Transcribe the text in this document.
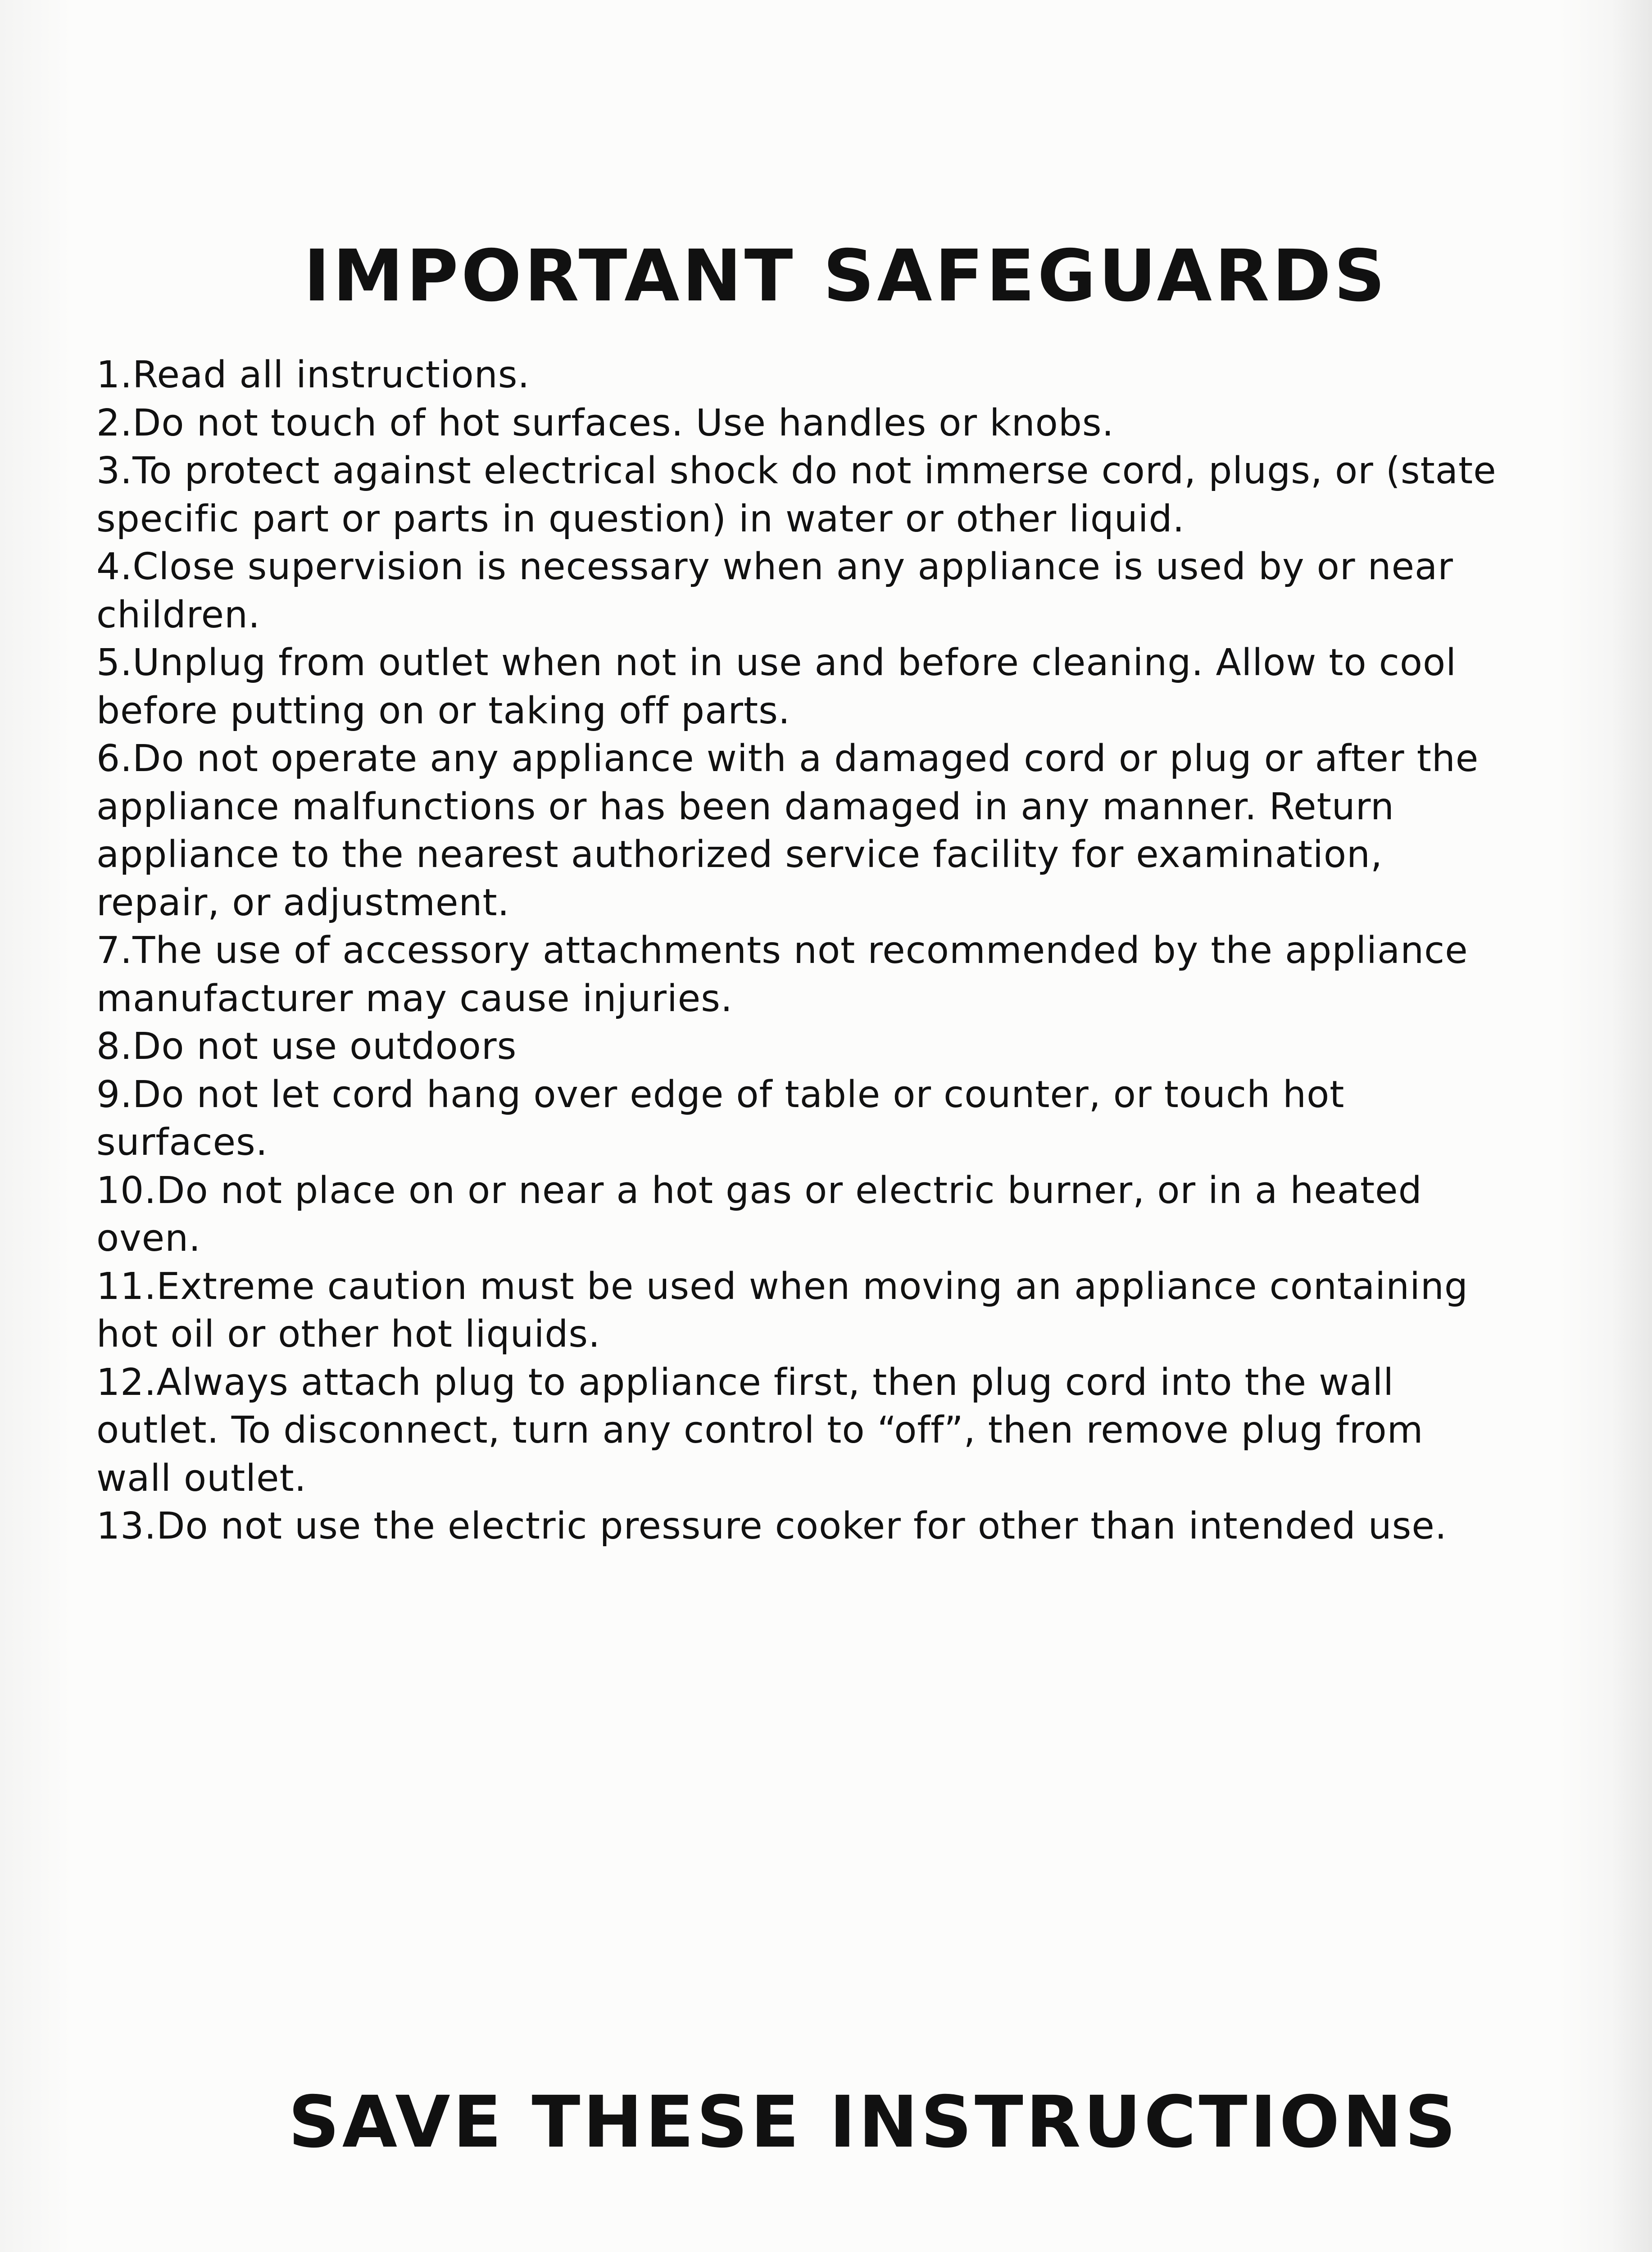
IMPORTANT SAFEGUARDS
1.Read all instructions.
2.Do not touch of hot surfaces. Use handles or knobs.
3.To protect against electrical shock do not immerse cord, plugs, or (state specific part or parts in question) in water or other liquid.
4.Close supervision is necessary when any appliance is used by or near children.
5.Unplug from outlet when not in use and before cleaning. Allow to cool before putting on or taking off parts.
6.Do not operate any appliance with a damaged cord or plug or after the appliance malfunctions or has been damaged in any manner. Return appliance to the nearest authorized service facility for examination, repair, or adjustment.
7.The use of accessory attachments not recommended by the appliance manufacturer may cause injuries.
8.Do not use outdoors
9.Do not let cord hang over edge of table or counter, or touch hot surfaces.
10.Do not place on or near a hot gas or electric burner, or in a heated oven.
11.Extreme caution must be used when moving an appliance containing hot oil or other hot liquids.
12.Always attach plug to appliance first, then plug cord into the wall outlet. To disconnect, turn any control to “off”, then remove plug from wall outlet.
13.Do not use the electric pressure cooker for other than intended use.
SAVE THESE INSTRUCTIONS
